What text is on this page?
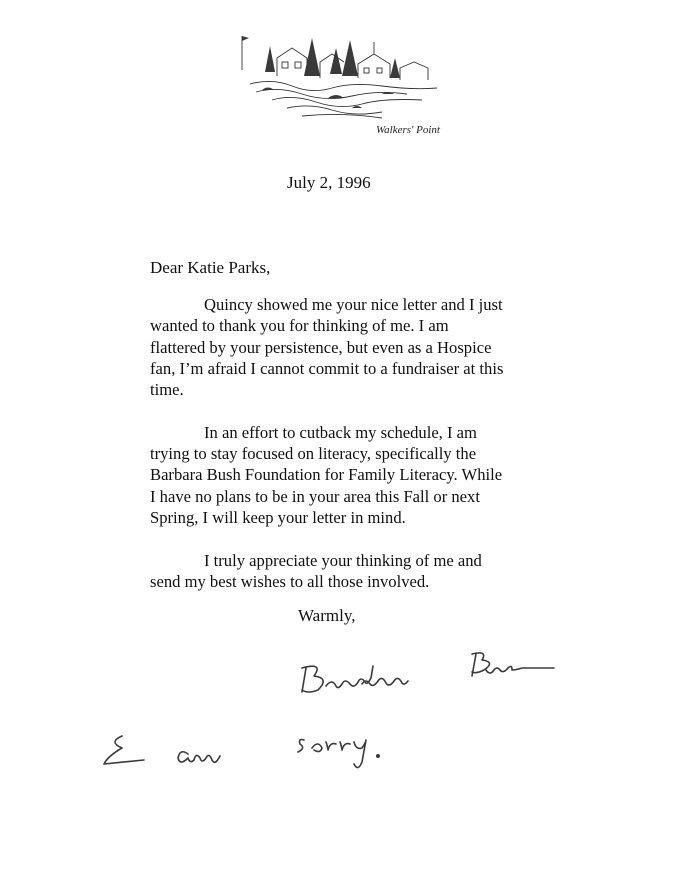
Walkers' Point
July 2, 1996
Dear Katie Parks,

Quincy showed me your nice letter and I just wanted to thank you for thinking of me. I am flattered by your persistence, but even as a Hospice fan, I’m afraid I cannot commit to a fundraiser at this time.

In an effort to cutback my schedule, I am trying to stay focused on literacy, specifically the Barbara Bush Foundation for Family Literacy. While I have no plans to be in your area this Fall or next Spring, I will keep your letter in mind.

I truly appreciate your thinking of me and send my best wishes to all those involved.

Warmly,
